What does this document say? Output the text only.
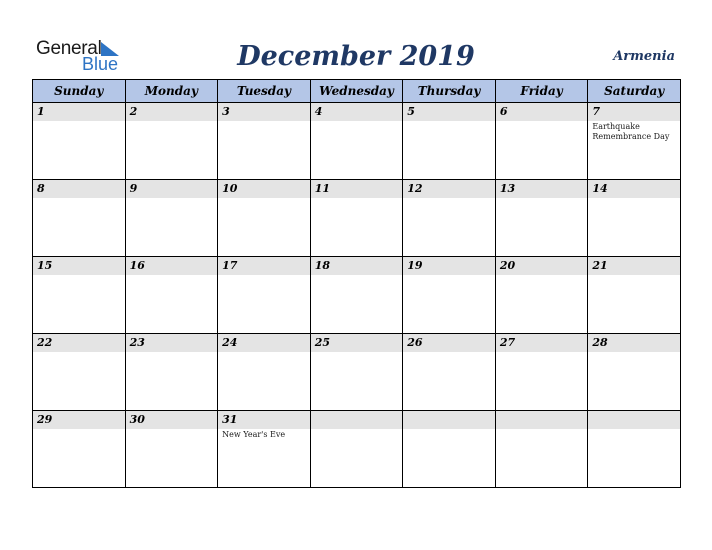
General
Blue	December 2019	Armenia
Sunday	Monday	Tuesday	Wednesday	Thursday	Friday	Saturday

1	2	3	4	5	6	7
Earthquake Remembrance Day

8	9	10	11	12	13	14

15	16	17	18	19	20	21

22	23	24	25	26	27	28

29	30	31
New Year's Eve				
